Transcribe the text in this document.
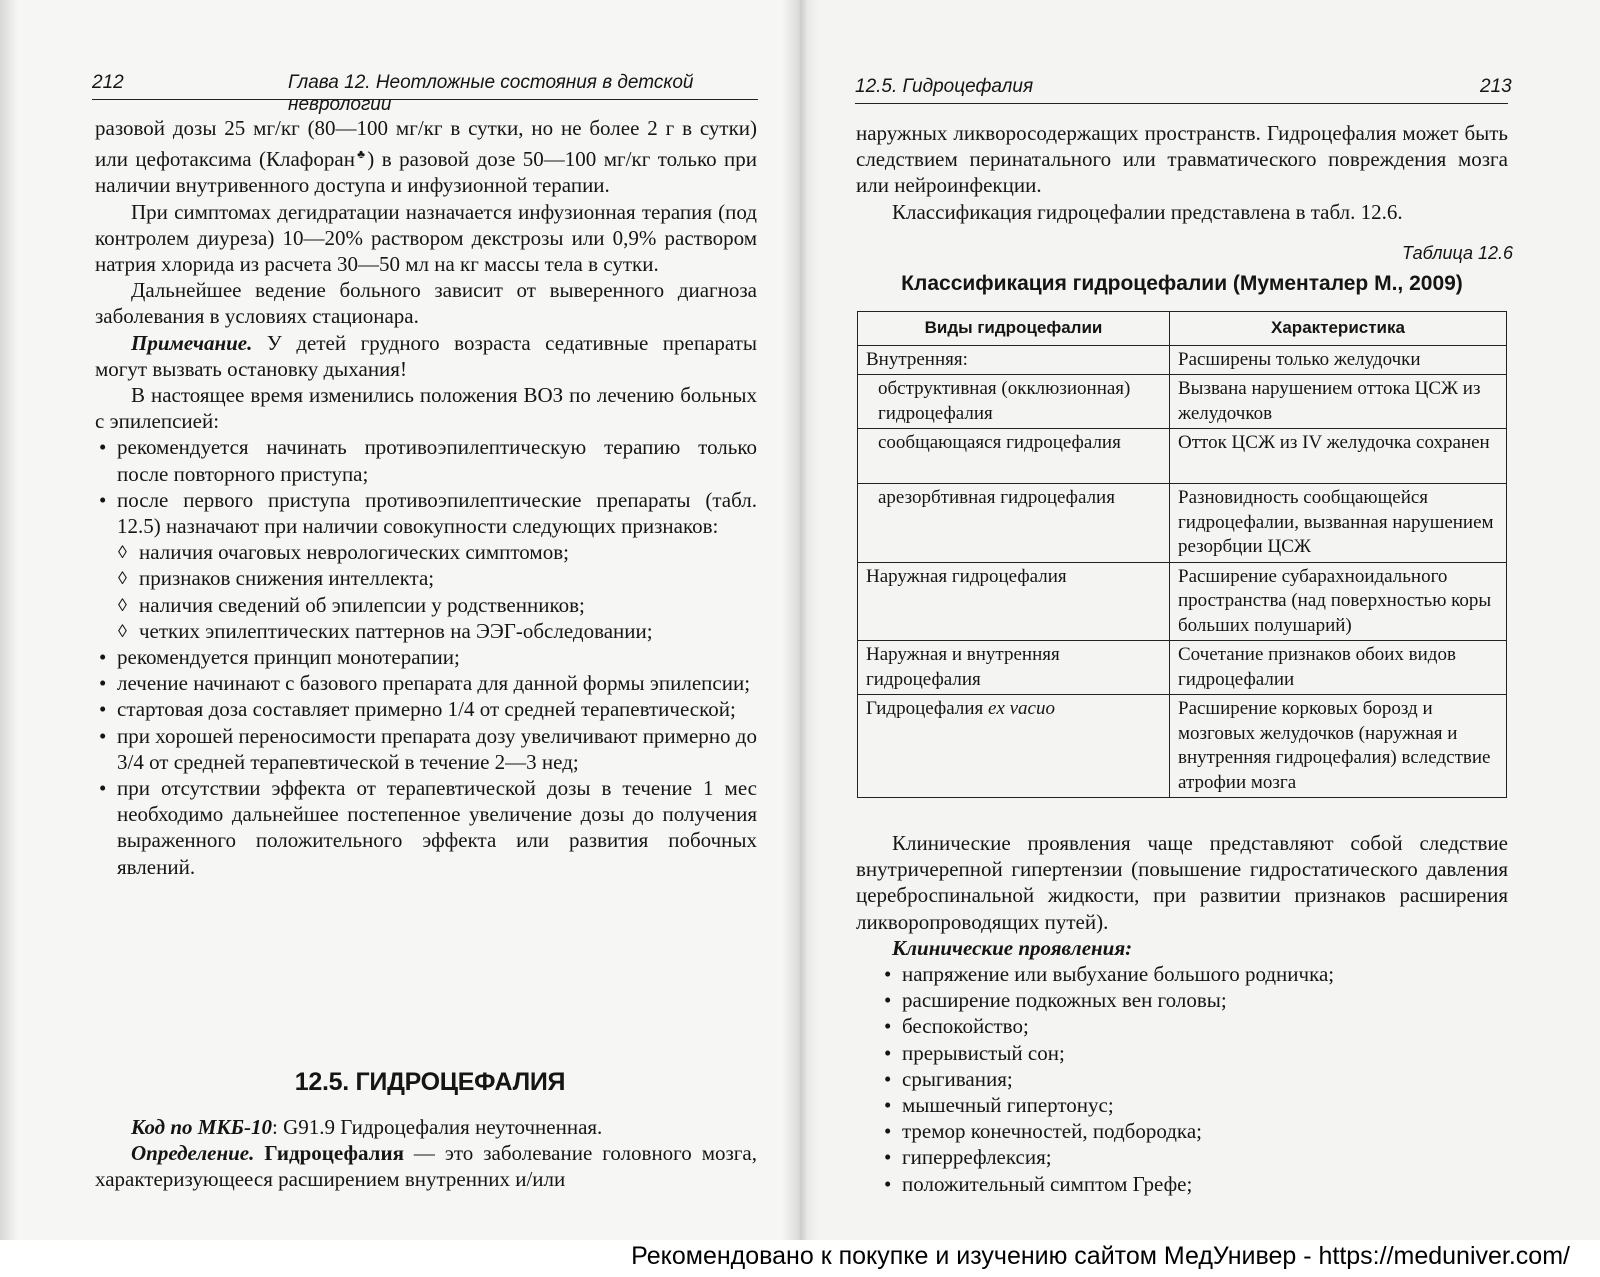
212	Глава 12. Неотложные состояния в детской неврологии

разовой дозы 25 мг/кг (80—100 мг/кг в сутки, но не более 2 г в сутки) или цефотаксима (Клафоран♣) в разовой дозе 50—100 мг/кг только при наличии внутривенного доступа и инфузионной терапии.

При симптомах дегидратации назначается инфузионная терапия (под контролем диуреза) 10—20% раствором декстрозы или 0,9% раствором натрия хлорида из расчета 30—50 мл на кг массы тела в сутки.

Дальнейшее ведение больного зависит от выверенного диагноза заболевания в условиях стационара.

Примечание. У детей грудного возраста седативные препараты могут вызвать остановку дыхания!

В настоящее время изменились положения ВОЗ по лечению больных с эпилепсией:

• рекомендуется начинать противоэпилептическую терапию только после повторного приступа;
• после первого приступа противоэпилептические препараты (табл. 12.5) назначают при наличии совокупности следующих признаков:
◊ наличия очаговых неврологических симптомов;
◊ признаков снижения интеллекта;
◊ наличия сведений об эпилепсии у родственников;
◊ четких эпилептических паттернов на ЭЭГ-обследовании;
• рекомендуется принцип монотерапии;
• лечение начинают с базового препарата для данной формы эпилепсии;
• стартовая доза составляет примерно 1/4 от средней терапевтической;
• при хорошей переносимости препарата дозу увеличивают примерно до 3/4 от средней терапевтической в течение 2—3 нед;
• при отсутствии эффекта от терапевтической дозы в течение 1 мес необходимо дальнейшее постепенное увеличение дозы до получения выраженного положительного эффекта или развития побочных явлений.
12.5. ГИДРОЦЕФАЛИЯ

Код по МКБ-10: G91.9 Гидроцефалия неуточненная.

Определение. Гидроцефалия — это заболевание головного мозга, характеризующееся расширением внутренних и/или

12.5. Гидроцефалия	213

наружных ликворосодержащих пространств. Гидроцефалия может быть следствием перинатального или травматического повреждения мозга или нейроинфекции.

Классификация гидроцефалии представлена в табл. 12.6.

Таблица 12.6
Классификация гидроцефалии (Мументалер М., 2009)
Виды гидроцефалии	Характеристика
Внутренняя:	Расширены только желудочки
обструктивная (окклюзионная) гидроцефалия	Вызвана нарушением оттока ЦСЖ из желудочков
сообщающаяся гидроцефалия	Отток ЦСЖ из IV желудочка сохранен
арезорбтивная гидроцефалия	Разновидность сообщающейся гидроцефалии, вызванная нарушением резорбции ЦСЖ
Наружная гидроцефалия	Расширение субарахноидального пространства (над поверхностью коры больших полушарий)
Наружная и внутренняя гидроцефалия	Сочетание признаков обоих видов гидроцефалии
Гидроцефалия ex vacuo	Расширение корковых борозд и мозговых желудочков (наружная и внутренняя гидроцефалия) вследствие атрофии мозга

Клинические проявления чаще представляют собой следствие внутричерепной гипертензии (повышение гидростатического давления цереброспинальной жидкости, при развитии признаков расширения ликворопроводящих путей).

Клинические проявления:

• напряжение или выбухание большого родничка;
• расширение подкожных вен головы;
• беспокойство;
• прерывистый сон;
• срыгивания;
• мышечный гипертонус;
• тремор конечностей, подбородка;
• гиперрефлексия;
• положительный симптом Грефе;
Рекомендовано к покупке и изучению сайтом МедУнивер - https://meduniver.com/
